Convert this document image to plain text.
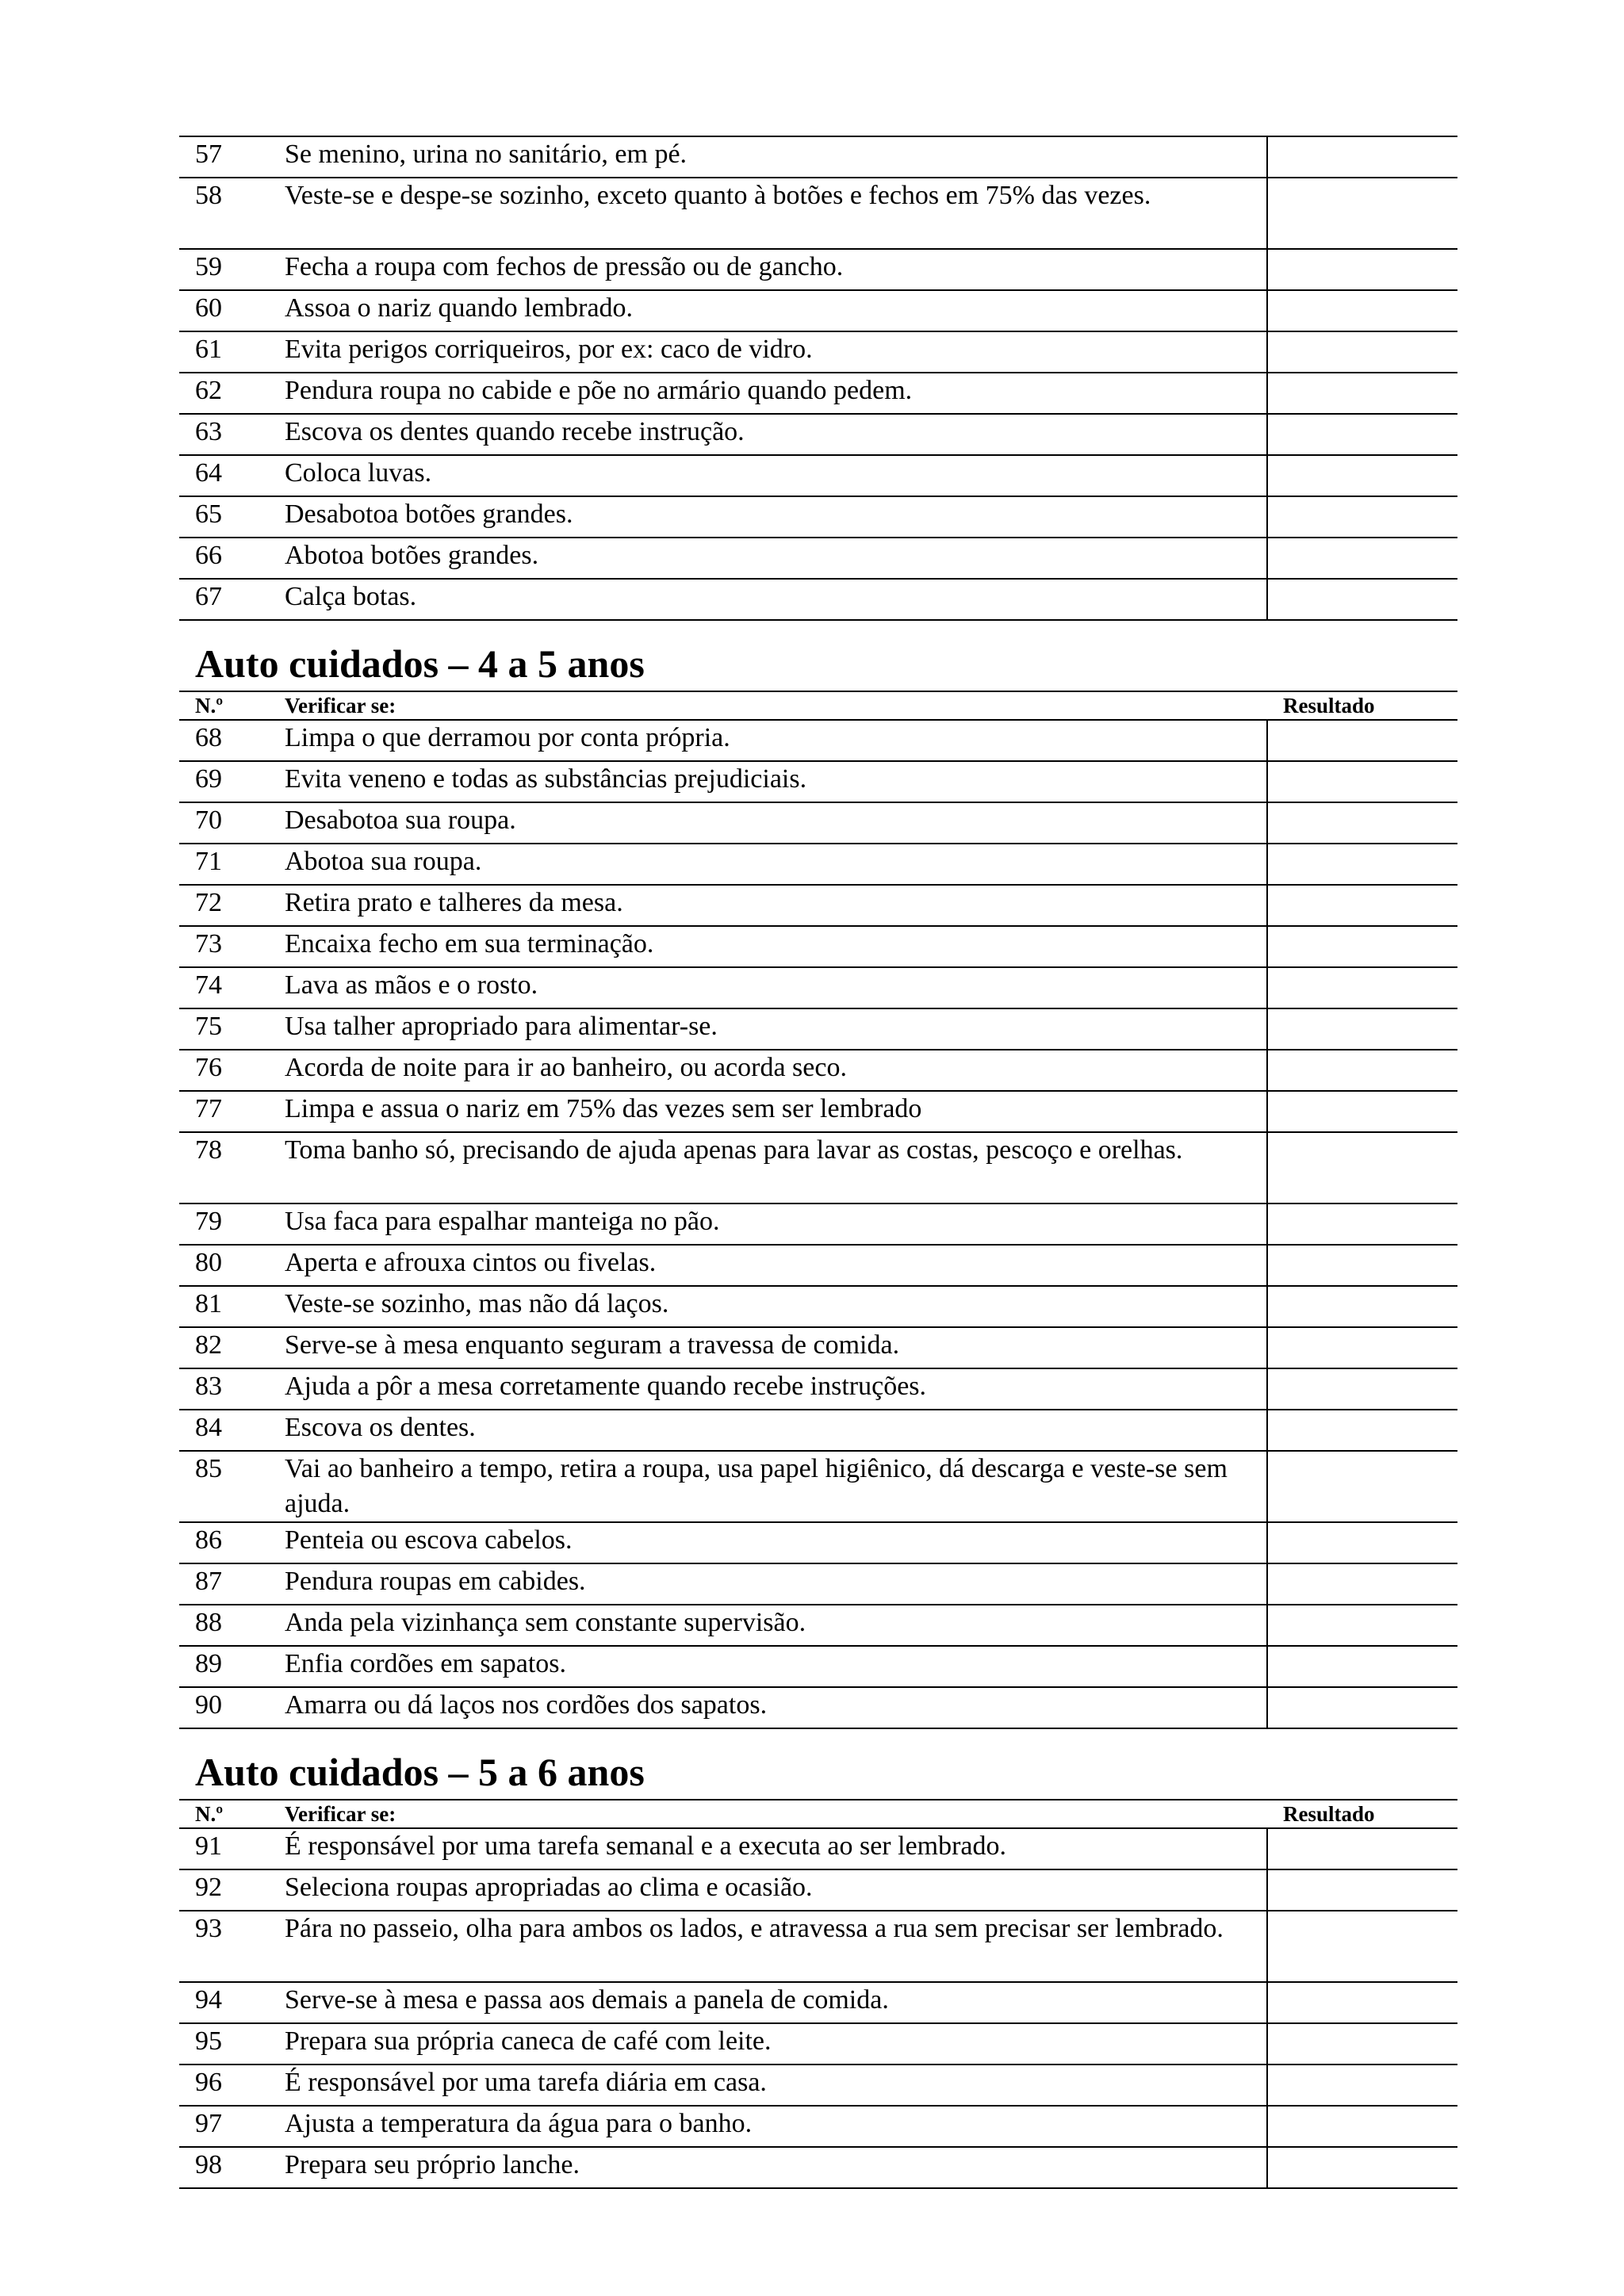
57	Se menino, urina no sanitário, em pé.	
58	Veste-se e despe-se sozinho, exceto quanto à botões e fechos em 75% das vezes.	
59	Fecha a roupa com fechos de pressão ou de gancho.	
60	Assoa o nariz quando lembrado.	
61	Evita perigos corriqueiros, por ex: caco de vidro.	
62	Pendura roupa no cabide e põe no armário quando pedem.	
63	Escova os dentes quando recebe instrução.	
64	Coloca luvas.	
65	Desabotoa botões grandes.	
66	Abotoa botões grandes.	
67	Calça botas.	
Auto cuidados – 4 a 5 anos
N.º	Verificar se:	Resultado
68	Limpa o que derramou por conta própria.	
69	Evita veneno e todas as substâncias prejudiciais.	
70	Desabotoa sua roupa.	
71	Abotoa sua roupa.	
72	Retira prato e talheres da mesa.	
73	Encaixa fecho em sua terminação.	
74	Lava as mãos e o rosto.	
75	Usa talher apropriado para alimentar-se.	
76	Acorda de noite para ir ao banheiro, ou acorda seco.	
77	Limpa e assua o nariz em 75% das vezes sem ser lembrado	
78	Toma banho só, precisando de ajuda apenas para lavar as costas, pescoço e orelhas.	
79	Usa faca para espalhar manteiga no pão.	
80	Aperta e afrouxa cintos ou fivelas.	
81	Veste-se sozinho, mas não dá laços.	
82	Serve-se à mesa enquanto seguram a travessa de comida.	
83	Ajuda a pôr a mesa corretamente quando recebe instruções.	
84	Escova os dentes.	
85	Vai ao banheiro a tempo, retira a roupa, usa papel higiênico, dá descarga e veste-se sem ajuda.	
86	Penteia ou escova cabelos.	
87	Pendura roupas em cabides.	
88	Anda pela vizinhança sem constante supervisão.	
89	Enfia cordões em sapatos.	
90	Amarra ou dá laços nos cordões dos sapatos.	
Auto cuidados – 5 a 6 anos
N.º	Verificar se:	Resultado
91	É responsável por uma tarefa semanal e a executa ao ser lembrado.	
92	Seleciona roupas apropriadas ao clima e ocasião.	
93	Pára no passeio, olha para ambos os lados, e atravessa a rua sem precisar ser lembrado.	
94	Serve-se à mesa e passa aos demais a panela de comida.	
95	Prepara sua própria caneca de café com leite.	
96	É responsável por uma tarefa diária em casa.	
97	Ajusta a temperatura da água para o banho.	
98	Prepara seu próprio lanche.	
